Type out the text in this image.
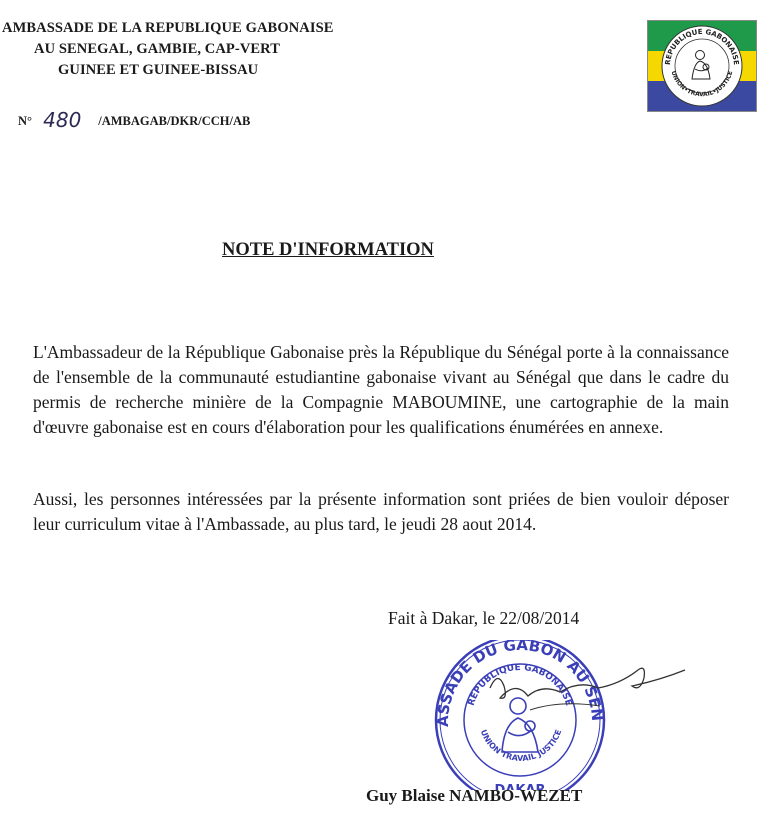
AMBASSADE DE LA REPUBLIQUE GABONAISE
AU SENEGAL, GAMBIE, CAP-VERT
GUINEE ET GUINEE-BISSAU
N° 480 /AMBAGAB/DKR/CCH/AB
REPUBLIQUE GABONAISE
UNION•TRAVAIL•JUSTICE
NOTE D'INFORMATION
L'Ambassadeur de la République Gabonaise près la République du Sénégal porte à la connaissance de l'ensemble de la communauté estudiantine gabonaise vivant au Sénégal que dans le cadre du permis de recherche minière de la Compagnie MABOUMINE, une cartographie de la main d'œuvre gabonaise est en cours d'élaboration pour les qualifications énumérées en annexe.
Aussi, les personnes intéressées par la présente information sont priées de bien vouloir déposer leur curriculum vitae à l'Ambassade, au plus tard, le jeudi 28 aout 2014.
Fait à Dakar, le 22/08/2014
ASSADE DU GABON AU SEN
REPUBLIQUE GABONAISE
UNION TRAVAIL JUSTICE
Guy Blaise NAMBO-WEZET
